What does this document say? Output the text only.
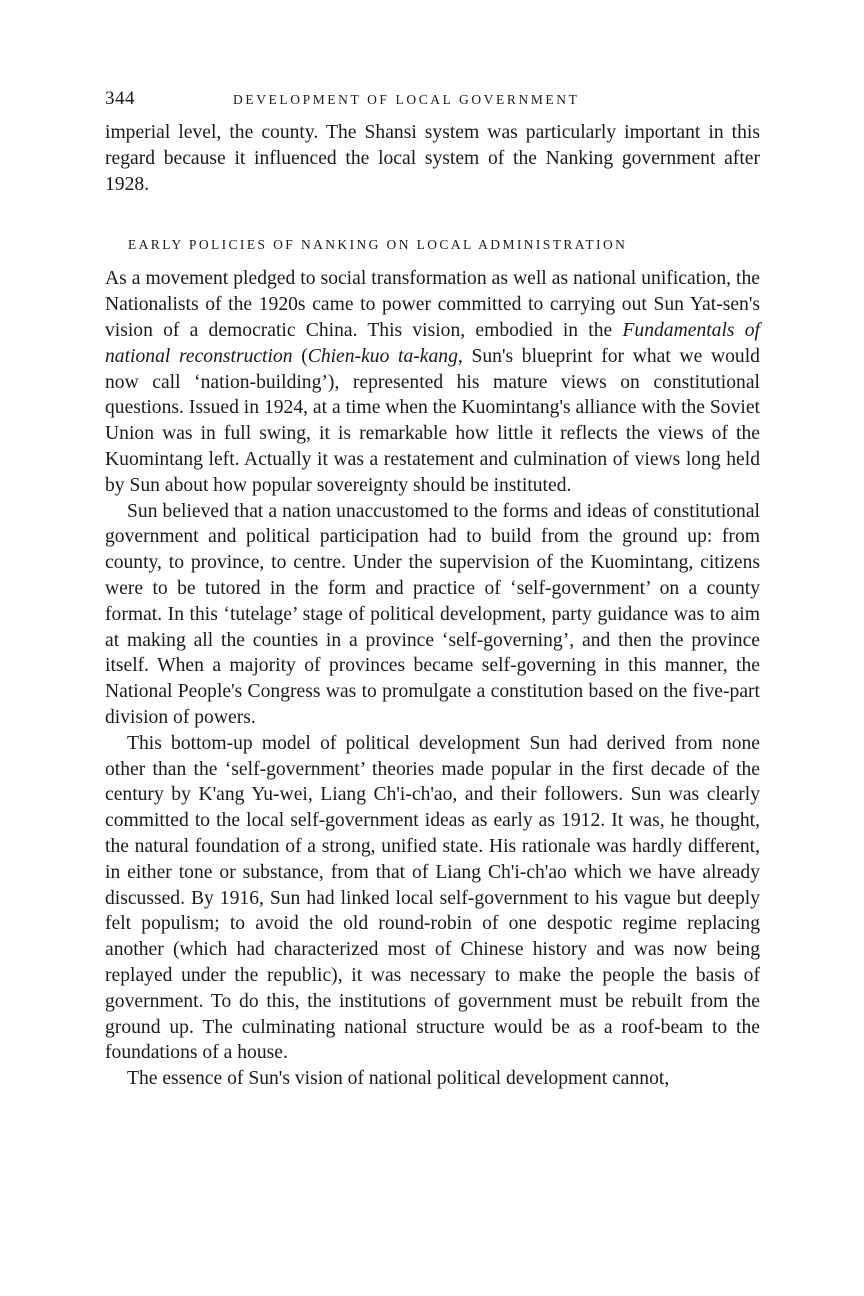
344	DEVELOPMENT OF LOCAL GOVERNMENT

imperial level, the county. The Shansi system was particularly important in this regard because it influenced the local system of the Nanking government after 1928.

EARLY POLICIES OF NANKING ON LOCAL ADMINISTRATION

As a movement pledged to social transformation as well as national unification, the Nationalists of the 1920s came to power committed to carrying out Sun Yat-sen's vision of a democratic China. This vision, embodied in the Fundamentals of national reconstruction (Chien-kuo ta-kang, Sun's blueprint for what we would now call ‘nation-building’), represented his mature views on constitutional questions. Issued in 1924, at a time when the Kuomintang's alliance with the Soviet Union was in full swing, it is remarkable how little it reflects the views of the Kuomintang left. Actually it was a restatement and culmination of views long held by Sun about how popular sovereignty should be instituted.

Sun believed that a nation unaccustomed to the forms and ideas of constitutional government and political participation had to build from the ground up: from county, to province, to centre. Under the supervision of the Kuomintang, citizens were to be tutored in the form and practice of ‘self-government’ on a county format. In this ‘tutelage’ stage of political development, party guidance was to aim at making all the counties in a province ‘self-governing’, and then the province itself. When a majority of provinces became self-governing in this manner, the National People's Congress was to promulgate a constitution based on the five-part division of powers.

This bottom-up model of political development Sun had derived from none other than the ‘self-government’ theories made popular in the first decade of the century by K'ang Yu-wei, Liang Ch'i-ch'ao, and their followers. Sun was clearly committed to the local self-government ideas as early as 1912. It was, he thought, the natural foundation of a strong, unified state. His rationale was hardly different, in either tone or substance, from that of Liang Ch'i-ch'ao which we have already discussed. By 1916, Sun had linked local self-government to his vague but deeply felt populism; to avoid the old round-robin of one despotic regime replacing another (which had characterized most of Chinese history and was now being replayed under the republic), it was necessary to make the people the basis of government. To do this, the institutions of government must be rebuilt from the ground up. The culminating national structure would be as a roof-beam to the foundations of a house.

The essence of Sun's vision of national political development cannot,
